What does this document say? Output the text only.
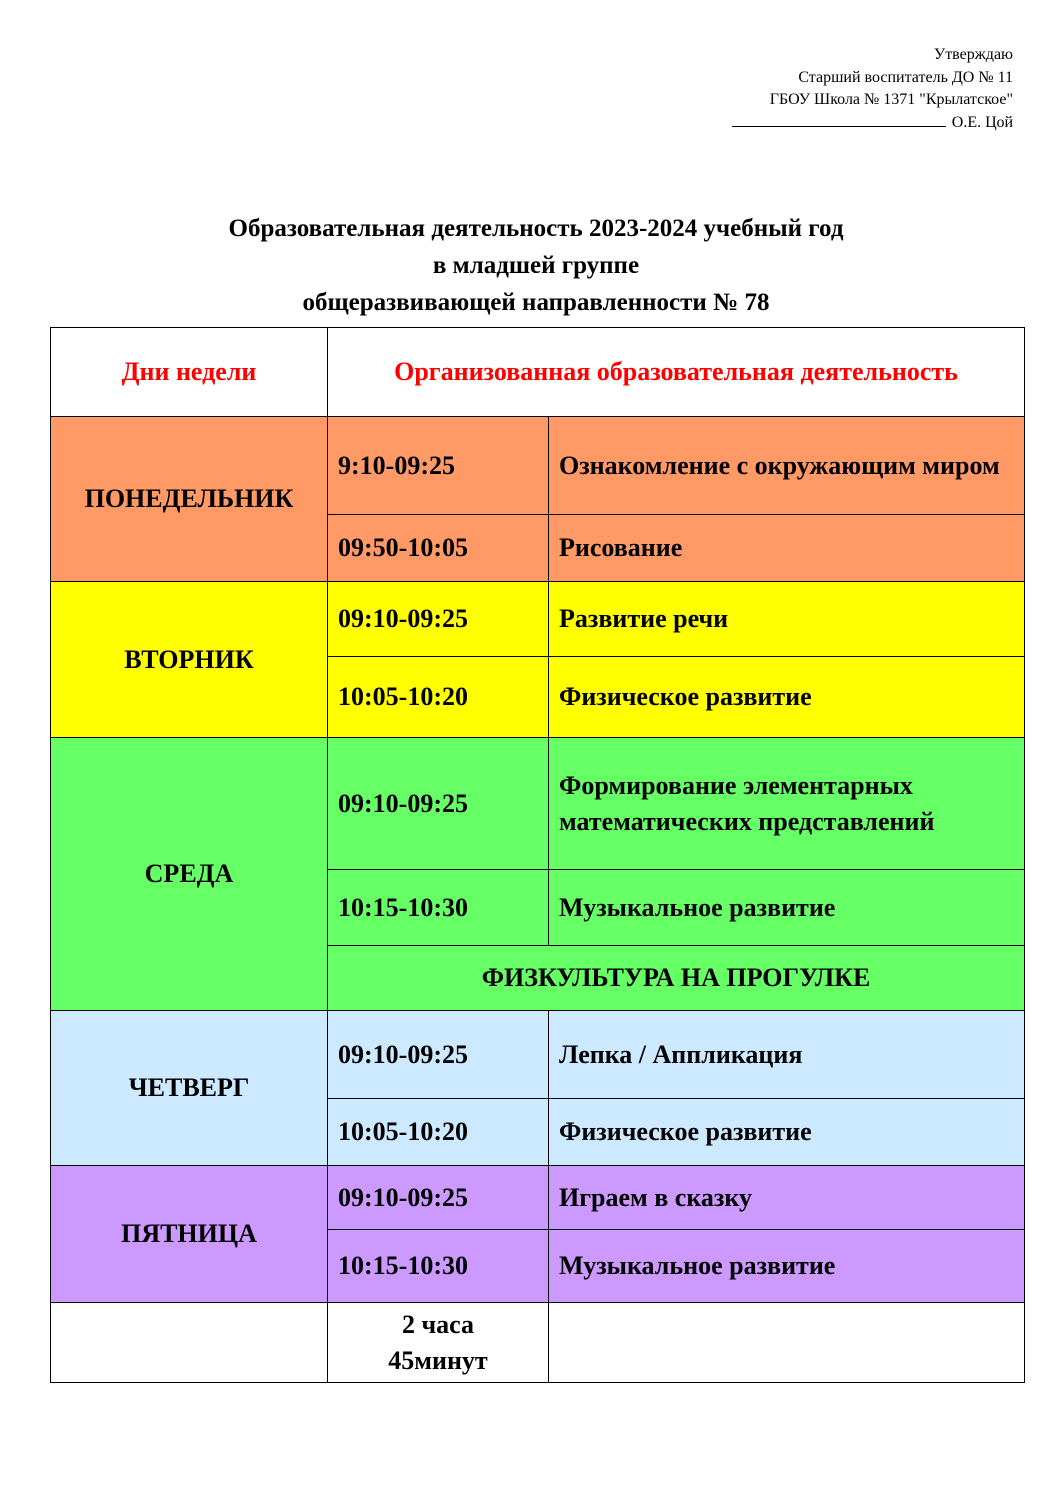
Утверждаю
Старший воспитатель ДО № 11
ГБОУ Школа № 1371 "Крылатское"
О.Е. Цой
Образовательная деятельность 2023-2024 учебный год
в младшей группе
общеразвивающей направленности № 78
Дни недели	Организованная образовательная деятельность	
ПОНЕДЕЛЬНИК	9:10-09:25	Ознакомление с окружающим миром
	09:50-10:05	Рисование
ВТОРНИК	09:10-09:25	Развитие речи
	10:05-10:20	Физическое развитие
СРЕДА	09:10-09:25	Формирование элементарных математических представлений
	10:15-10:30	Музыкальное развитие
	ФИЗКУЛЬТУРА НА ПРОГУЛКЕ	
ЧЕТВЕРГ	09:10-09:25	Лепка / Аппликация
	10:05-10:20	Физическое развитие
ПЯТНИЦА	09:10-09:25	Играем в сказку
	10:15-10:30	Музыкальное развитие
	2 часа 45минут	
